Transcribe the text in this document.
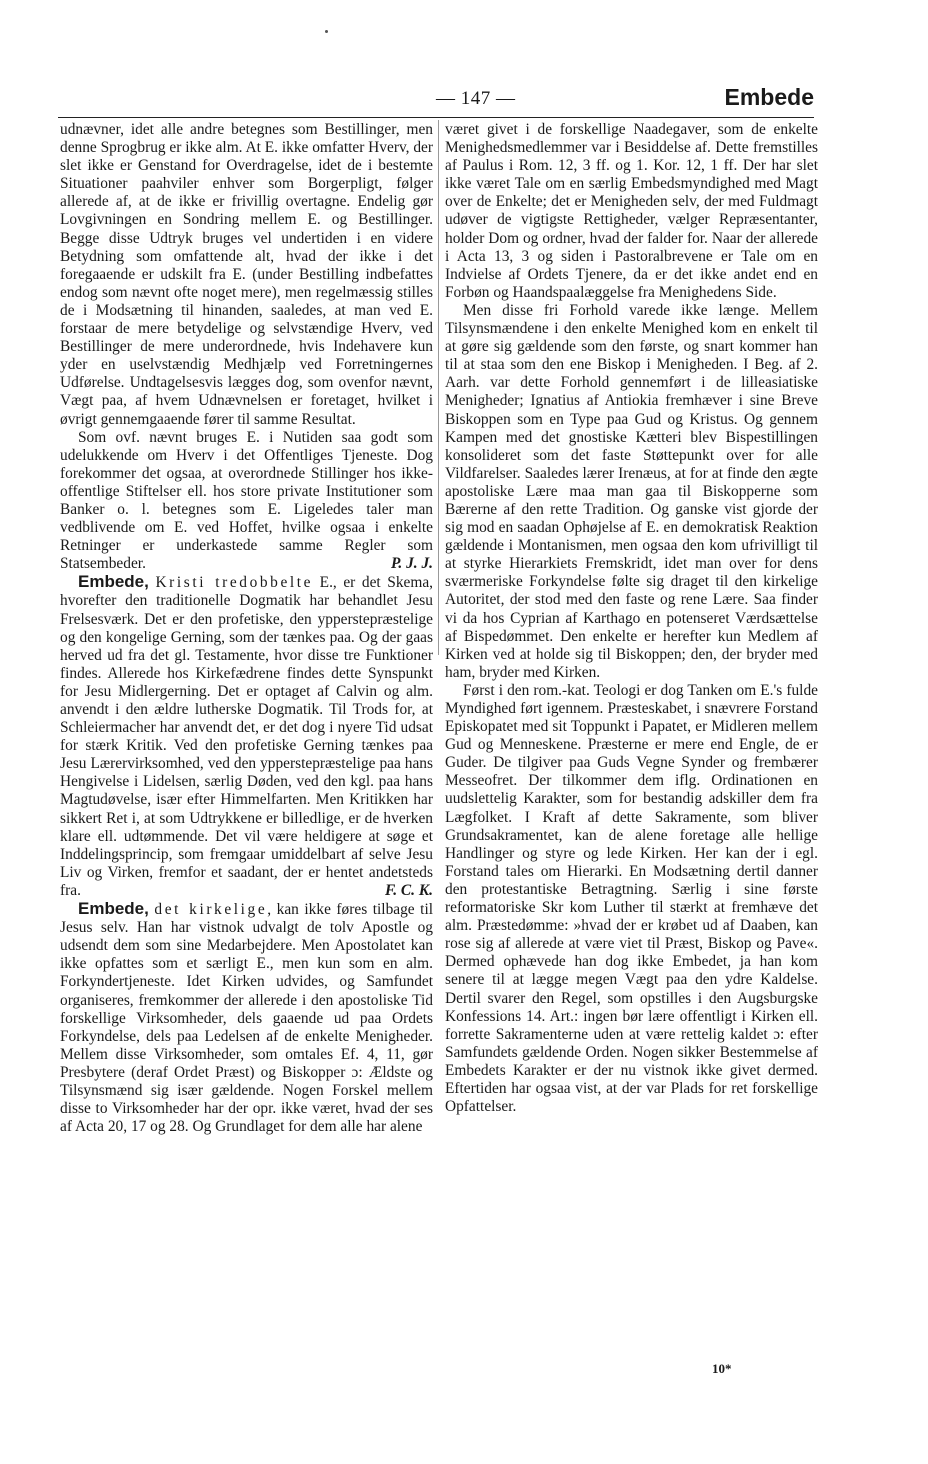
— 147 —	Embede

udnævner, idet alle andre betegnes som Bestillinger, men denne Sprogbrug er ikke alm. At E. ikke omfatter Hverv, der slet ikke er Genstand for Overdragelse, idet de i bestemte Situationer paahviler enhver som Borgerpligt, følger allerede af, at de ikke er frivillig overtagne. Endelig gør Lovgivningen en Sondring mellem E. og Bestillinger. Begge disse Udtryk bruges vel undertiden i en videre Betydning som omfattende alt, hvad der ikke i det foregaaende er udskilt fra E. (under Bestilling indbefattes endog som nævnt ofte noget mere), men regelmæssig stilles de i Modsætning til hinanden, saaledes, at man ved E. forstaar de mere betydelige og selvstændige Hverv, ved Bestillinger de mere underordnede, hvis Indehavere kun yder en uselvstændig Medhjælp ved Forretningernes Udførelse. Undtagelsesvis lægges dog, som ovenfor nævnt, Vægt paa, af hvem Udnævnelsen er foretaget, hvilket i øvrigt gennemgaaende fører til samme Resultat.

Som ovf. nævnt bruges E. i Nutiden saa godt som udelukkende om Hverv i det Offentliges Tjeneste. Dog forekommer det ogsaa, at overordnede Stillinger hos ikke-offentlige Stiftelser ell. hos store private Institutioner som Banker o. l. betegnes som E. Ligeledes taler man vedblivende om E. ved Hoffet, hvilke ogsaa i enkelte Retninger er underkastede samme Regler som Statsembeder.	P. J. J.

Embede, Kristi tredobbelte E., er det Skema, hvorefter den traditionelle Dogmatik har behandlet Jesu Frelsesværk. Det er den profetiske, den ypperstepræstelige og den kongelige Gerning, som der tænkes paa. Og der gaas herved ud fra det gl. Testamente, hvor disse tre Funktioner findes. Allerede hos Kirkefædrene findes dette Synspunkt for Jesu Midlergerning. Det er optaget af Calvin og alm. anvendt i den ældre lutherske Dogmatik. Til Trods for, at Schleiermacher har anvendt det, er det dog i nyere Tid udsat for stærk Kritik. Ved den profetiske Gerning tænkes paa Jesu Lærervirksomhed, ved den ypperstepræstelige paa hans Hengivelse i Lidelsen, særlig Døden, ved den kgl. paa hans Magtudøvelse, især efter Himmelfarten. Men Kritikken har sikkert Ret i, at som Udtrykkene er billedlige, er de hverken klare ell. udtømmende. Det vil være heldigere at søge et Inddelingsprincip, som fremgaar umiddelbart af selve Jesu Liv og Virken, fremfor et saadant, der er hentet andetsteds fra.	F. C. K.

Embede, det kirkelige, kan ikke føres tilbage til Jesus selv. Han har vistnok udvalgt de tolv Apostle og udsendt dem som sine Medarbejdere. Men Apostolatet kan ikke opfattes som et særligt E., men kun som en alm. Forkyndertjeneste. Idet Kirken udvides, og Samfundet organiseres, fremkommer der allerede i den apostoliske Tid forskellige Virksomheder, dels gaaende ud paa Ordets Forkyndelse, dels paa Ledelsen af de enkelte Menigheder. Mellem disse Virksomheder, som omtales Ef. 4, 11, gør Presbytere (deraf Ordet Præst) og Biskopper ɔ: Ældste og Tilsynsmænd sig især gældende. Nogen Forskel mellem disse to Virksomheder har der opr. ikke været, hvad der ses af Acta 20, 17 og 28. Og Grundlaget for dem alle har alene

været givet i de forskellige Naadegaver, som de enkelte Menighedsmedlemmer var i Besiddelse af. Dette fremstilles af Paulus i Rom. 12, 3 ff. og 1. Kor. 12, 1 ff. Der har slet ikke været Tale om en særlig Embedsmyndighed med Magt over de Enkelte; det er Menigheden selv, der med Fuldmagt udøver de vigtigste Rettigheder, vælger Repræsentanter, holder Dom og ordner, hvad der falder for. Naar der allerede i Acta 13, 3 og siden i Pastoralbrevene er Tale om en Indvielse af Ordets Tjenere, da er det ikke andet end en Forbøn og Haandspaalæggelse fra Menighedens Side.

Men disse fri Forhold varede ikke længe. Mellem Tilsynsmændene i den enkelte Menighed kom en enkelt til at gøre sig gældende som den første, og snart kommer han til at staa som den ene Biskop i Menigheden. I Beg. af 2. Aarh. var dette Forhold gennemført i de lilleasiatiske Menigheder; Ignatius af Antiokia fremhæver i sine Breve Biskoppen som en Type paa Gud og Kristus. Og gennem Kampen med det gnostiske Kætteri blev Bispestillingen konsolideret som det faste Støttepunkt over for alle Vildfarelser. Saaledes lærer Irenæus, at for at finde den ægte apostoliske Lære maa man gaa til Biskopperne som Bærerne af den rette Tradition. Og ganske vist gjorde der sig mod en saadan Ophøjelse af E. en demokratisk Reaktion gældende i Montanismen, men ogsaa den kom ufrivilligt til at styrke Hierarkiets Fremskridt, idet man over for dens sværmeriske Forkyndelse følte sig draget til den kirkelige Autoritet, der stod med den faste og rene Lære. Saa finder vi da hos Cyprian af Karthago en potenseret Værdsættelse af Bispedømmet. Den enkelte er herefter kun Medlem af Kirken ved at holde sig til Biskoppen; den, der bryder med ham, bryder med Kirken.

Først i den rom.-kat. Teologi er dog Tanken om E.'s fulde Myndighed ført igennem. Præsteskabet, i snævrere Forstand Episkopatet med sit Toppunkt i Papatet, er Midleren mellem Gud og Menneskene. Præsterne er mere end Engle, de er Guder. De tilgiver paa Guds Vegne Synder og frembærer Messeofret. Der tilkommer dem iflg. Ordinationen en uudslettelig Karakter, som for bestandig adskiller dem fra Lægfolket. I Kraft af dette Sakramente, som bliver Grundsakramentet, kan de alene foretage alle hellige Handlinger og styre og lede Kirken. Her kan der i egl. Forstand tales om Hierarki. En Modsætning dertil danner den protestantiske Betragtning. Særlig i sine første reformatoriske Skr kom Luther til stærkt at fremhæve det alm. Præstedømme: »hvad der er krøbet ud af Daaben, kan rose sig af allerede at være viet til Præst, Biskop og Pave«. Dermed ophævede han dog ikke Embedet, ja han kom senere til at lægge megen Vægt paa den ydre Kaldelse. Dertil svarer den Regel, som opstilles i den Augsburgske Konfessions 14. Art.: ingen bør lære offentligt i Kirken ell. forrette Sakramenterne uden at være rettelig kaldet ɔ: efter Samfundets gældende Orden. Nogen sikker Bestemmelse af Embedets Karakter er der nu vistnok ikke givet dermed. Eftertiden har ogsaa vist, at der var Plads for ret forskellige Opfattelser.

10*
